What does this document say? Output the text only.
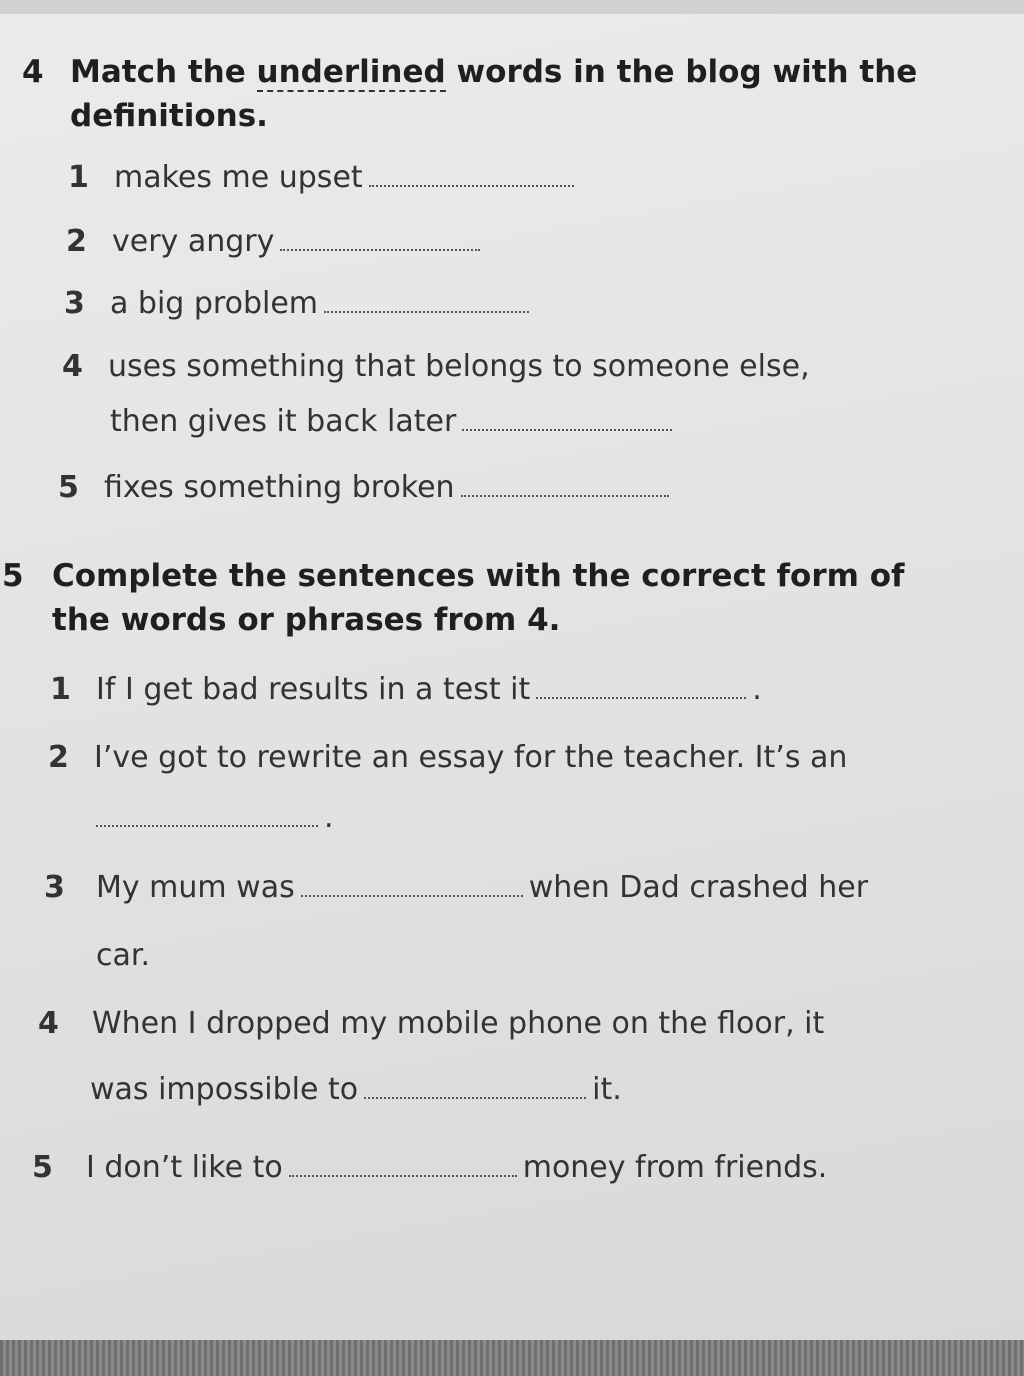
4 Match the underlined words in the blog with the
definitions.
1 makes me upset
2 very angry
3 a big problem
4 uses something that belongs to someone else,
then gives it back later
5 fixes something broken
5 Complete the sentences with the correct form of
the words or phrases from 4.
1 If I get bad results in a test it	.
2 I’ve got to rewrite an essay for the teacher. It’s an
.
3 My mum was	when Dad crashed her
car.
4 When I dropped my mobile phone on the floor, it
was impossible to	it.
5 I don’t like to	money from friends.
